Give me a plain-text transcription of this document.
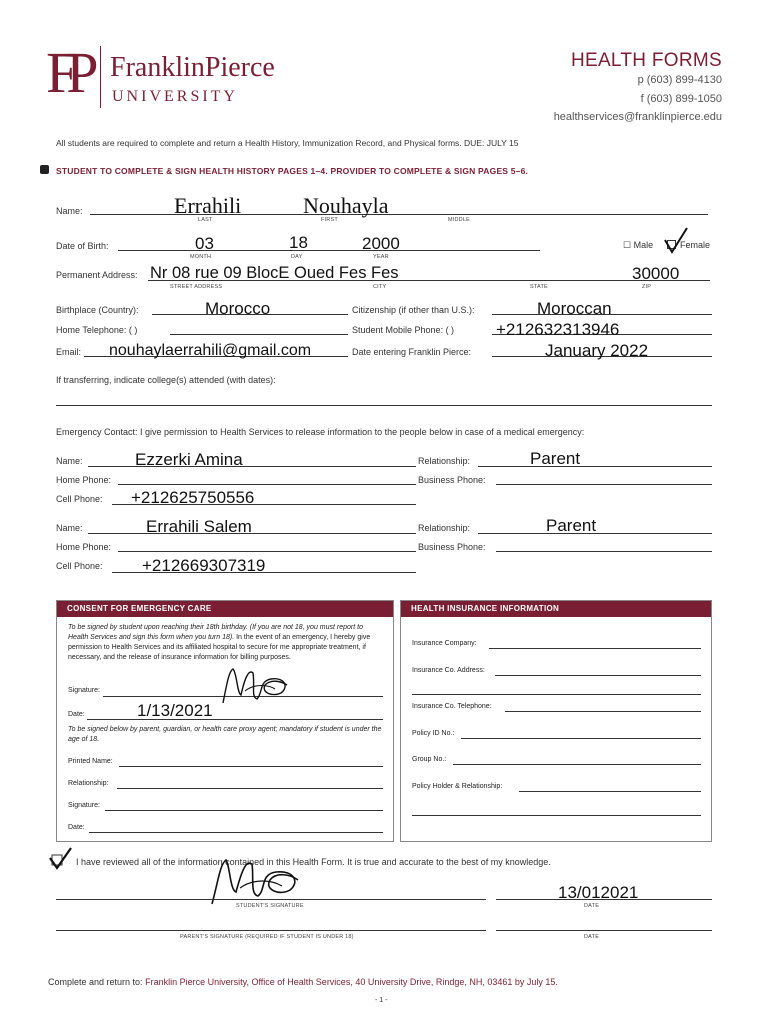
FP FranklinPierce
UNIVERSITY
HEALTH FORMS
p (603) 899-4130
f (603) 899-1050
healthservices@franklinpierce.edu
All students are required to complete and return a Health History, Immunization Record, and Physical forms. DUE: JULY 15
STUDENT TO COMPLETE & SIGN HEALTH HISTORY PAGES 1–4. PROVIDER TO COMPLETE & SIGN PAGES 5–6.
Name:	Errahili	Nouhayla
LAST	FIRST	MIDDLE
Date of Birth:	03	18	2000
MONTH	DAY	YEAR
☐ Male	Female
Permanent Address: Nr 08 rue 09 BlocE Oued Fes Fes	30000
STREET ADDRESS	CITY	STATE	ZIP
Birthplace (Country):	Morocco	Citizenship (if other than U.S.):	Moroccan
Home Telephone: ( )	Student Mobile Phone: ( ) +212632313946
Email: nouhaylaerrahili@gmail.com	Date entering Franklin Pierce:	January 2022
If transferring, indicate college(s) attended (with dates):
Emergency Contact: I give permission to Health Services to release information to the people below in case of a medical emergency:
Name:	Ezzerki Amina	Relationship:	Parent
Home Phone:	Business Phone:
Cell Phone: +212625750556
Name:	Errahili Salem	Relationship:	Parent
Home Phone:	Business Phone:
Cell Phone: +212669307319
CONSENT FOR EMERGENCY CARE
To be signed by student upon reaching their 18th birthday. (If you are not 18, you must report to Health Services and sign this form when you turn 18). In the event of an emergency, I hereby give permission to Health Services and its affiliated hospital to secure for me appropriate treatment, if necessary, and the release of insurance information for billing purposes.
Signature:
Date:	1/13/2021
To be signed below by parent, guardian, or health care proxy agent; mandatory if student is under the age of 18.
Printed Name:
Relationship:
Signature:
Date:
HEALTH INSURANCE INFORMATION
Insurance Company:
Insurance Co. Address:
Insurance Co. Telephone:
Policy ID No.:
Group No.:
Policy Holder & Relationship:
I have reviewed all of the information contained in this Health Form. It is true and accurate to the best of my knowledge.
STUDENT'S SIGNATURE
13/012021
DATE
PARENT'S SIGNATURE (REQUIRED IF STUDENT IS UNDER 18)	DATE
Complete and return to: Franklin Pierce University, Office of Health Services, 40 University Drive, Rindge, NH, 03461 by July 15.
- 1 -
